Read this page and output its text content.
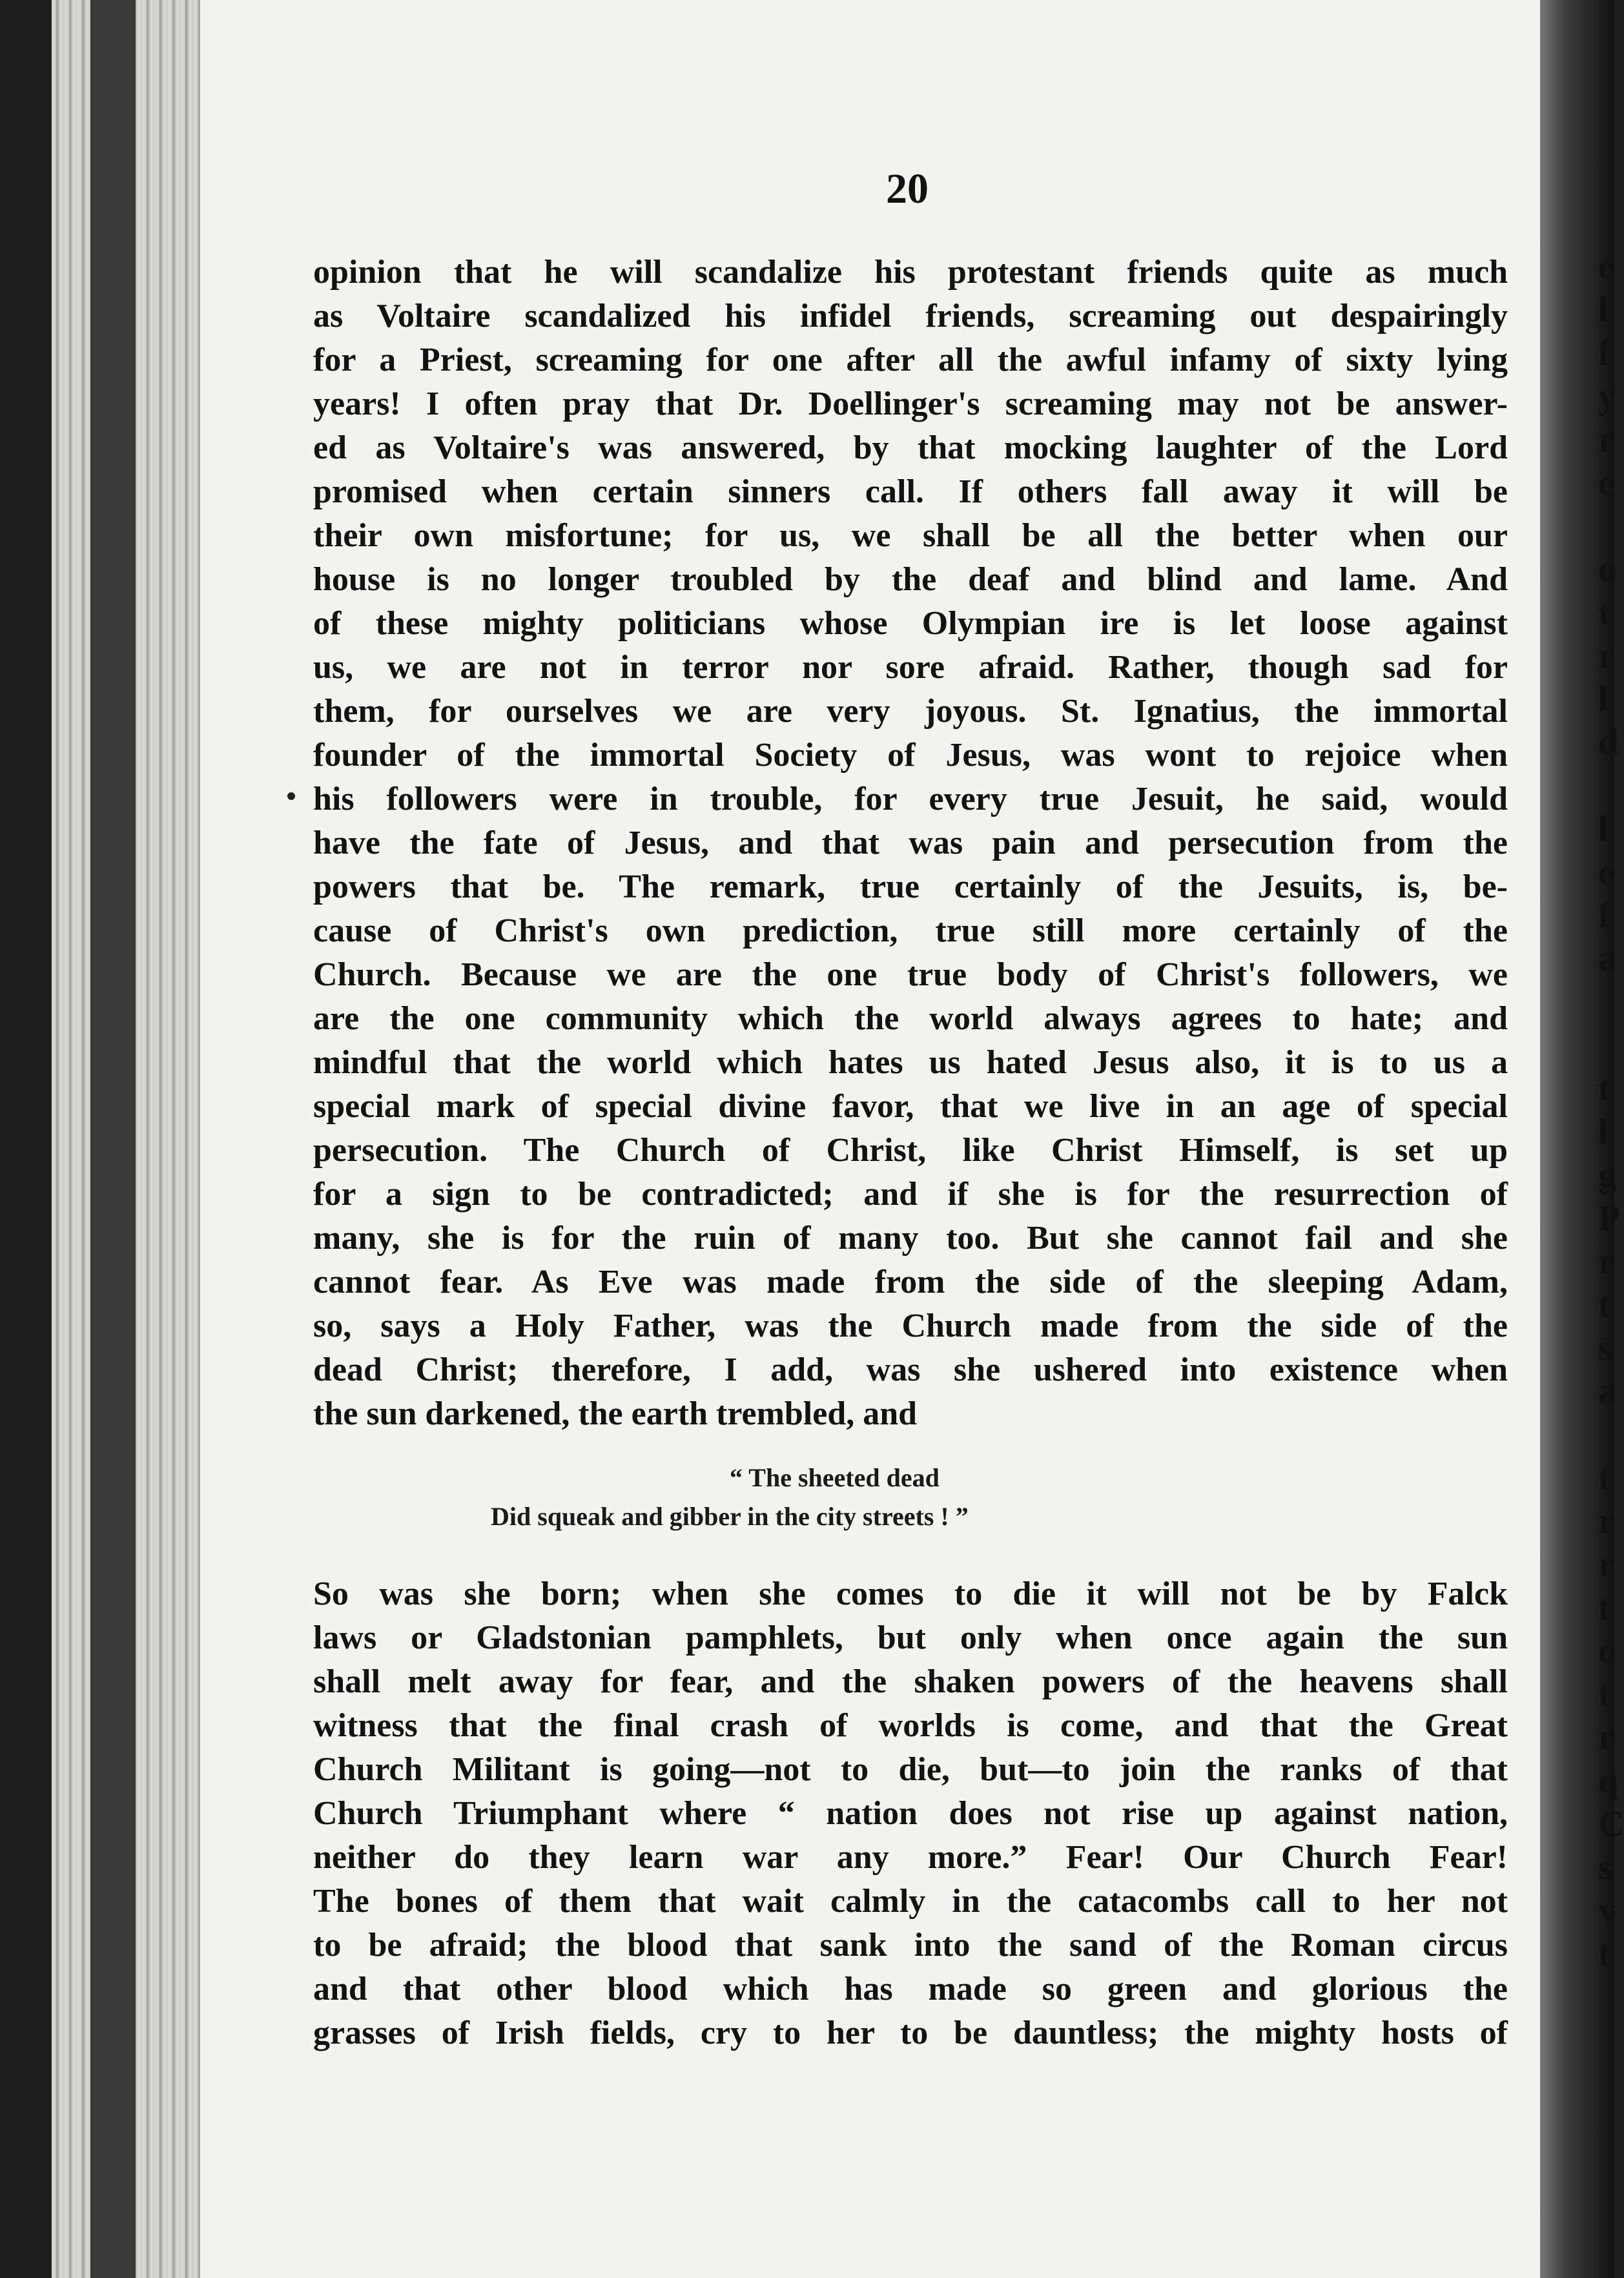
20
e
l
f
y
r
e
o
t
r
l
d
l
e
f
a
t
l
g
P
r
t
s
a
t
r
r
t
o
t
r
q
C
s
v
t
opinion that he will scandalize his protestant friends quite as much
as Voltaire scandalized his infidel friends, screaming out despairingly
for a Priest, screaming for one after all the awful infamy of sixty lying
years! I often pray that Dr. Doellinger's screaming may not be answer-
ed as Voltaire's was answered, by that mocking laughter of the Lord
promised when certain sinners call. If others fall away it will be
their own misfortune; for us, we shall be all the better when our
house is no longer troubled by the deaf and blind and lame. And
of these mighty politicians whose Olympian ire is let loose against
us, we are not in terror nor sore afraid. Rather, though sad for
them, for ourselves we are very joyous. St. Ignatius, the immortal
founder of the immortal Society of Jesus, was wont to rejoice when
his followers were in trouble, for every true Jesuit, he said, would
have the fate of Jesus, and that was pain and persecution from the
powers that be. The remark, true certainly of the Jesuits, is, be-
cause of Christ's own prediction, true still more certainly of the
Church. Because we are the one true body of Christ's followers, we
are the one community which the world always agrees to hate; and
mindful that the world which hates us hated Jesus also, it is to us a
special mark of special divine favor, that we live in an age of special
persecution. The Church of Christ, like Christ Himself, is set up
for a sign to be contradicted; and if she is for the resurrection of
many, she is for the ruin of many too. But she cannot fail and she
cannot fear. As Eve was made from the side of the sleeping Adam,
so, says a Holy Father, was the Church made from the side of the
dead Christ; therefore, I add, was she ushered into existence when
the sun darkened, the earth trembled, and
“ The sheeted dead
Did squeak and gibber in the city streets ! ”
So was she born; when she comes to die it will not be by Falck
laws or Gladstonian pamphlets, but only when once again the sun
shall melt away for fear, and the shaken powers of the heavens shall
witness that the final crash of worlds is come, and that the Great
Church Militant is going—not to die, but—to join the ranks of that
Church Triumphant where “ nation does not rise up against nation,
neither do they learn war any more.” Fear! Our Church Fear!
The bones of them that wait calmly in the catacombs call to her not
to be afraid; the blood that sank into the sand of the Roman circus
and that other blood which has made so green and glorious the
grasses of Irish fields, cry to her to be dauntless; the mighty hosts of
